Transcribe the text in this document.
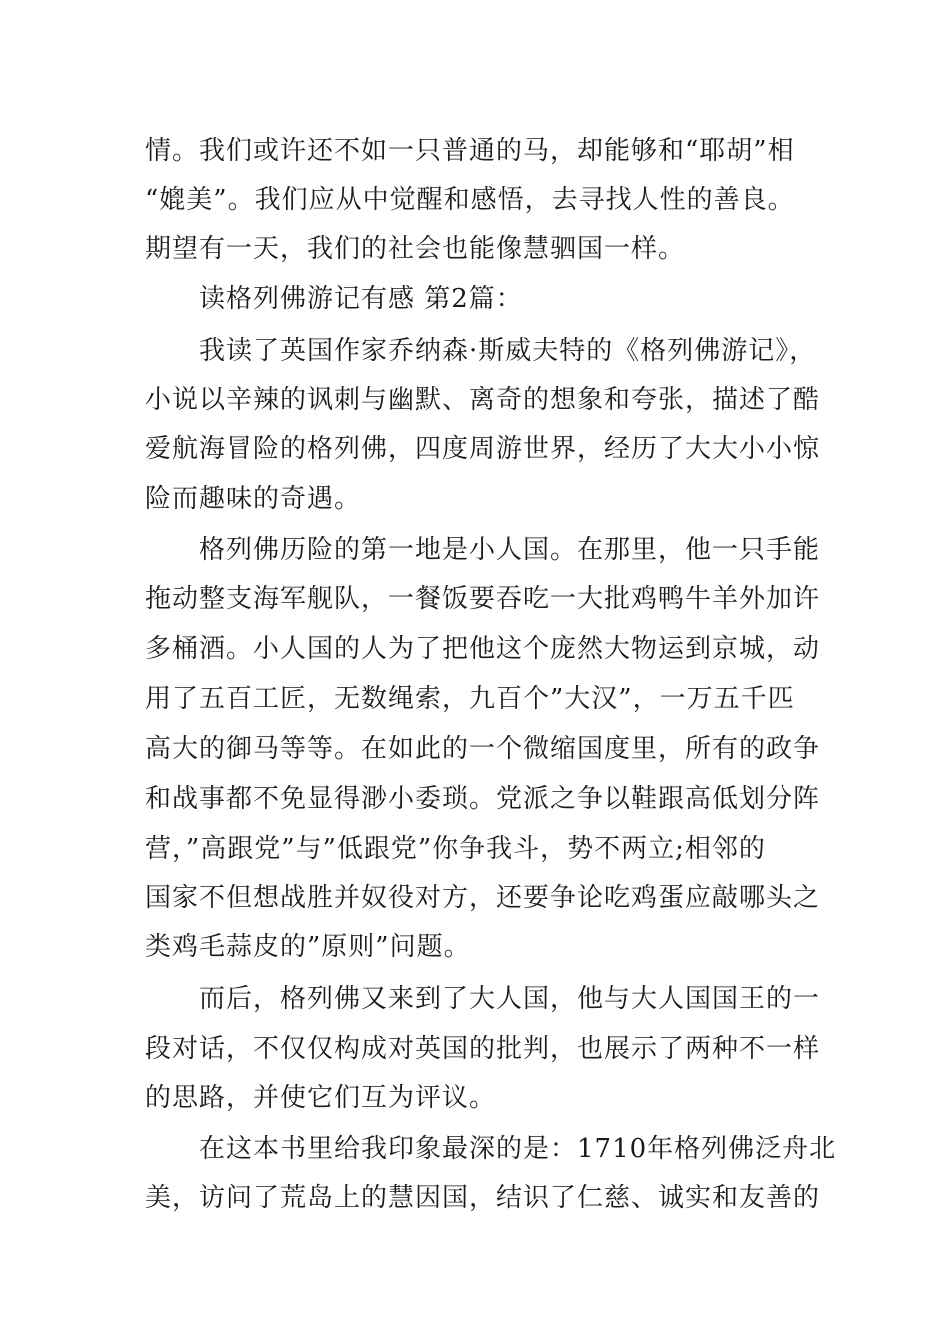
情。我们或许还不如一只普通的马，却能够和“耶胡”相
“媲美”。我们应从中觉醒和感悟，去寻找人性的善良。
期望有一天，我们的社会也能像慧驷国一样。
读格列佛游记有感 第2篇：
我读了英国作家乔纳森·斯威夫特的《格列佛游记》，
小说以辛辣的讽刺与幽默、离奇的想象和夸张，描述了酷
爱航海冒险的格列佛，四度周游世界，经历了大大小小惊
险而趣味的奇遇。
格列佛历险的第一地是小人国。在那里，他一只手能
拖动整支海军舰队，一餐饭要吞吃一大批鸡鸭牛羊外加许
多桶酒。小人国的人为了把他这个庞然大物运到京城，动
用了五百工匠，无数绳索，九百个”大汉”，一万五千匹
高大的御马等等。在如此的一个微缩国度里，所有的政争
和战事都不免显得渺小委琐。党派之争以鞋跟高低划分阵
营，”高跟党”与”低跟党”你争我斗，势不两立;相邻的
国家不但想战胜并奴役对方，还要争论吃鸡蛋应敲哪头之
类鸡毛蒜皮的”原则”问题。
而后，格列佛又来到了大人国，他与大人国国王的一
段对话，不仅仅构成对英国的批判，也展示了两种不一样
的思路，并使它们互为评议。
在这本书里给我印象最深的是：1710年格列佛泛舟北
美，访问了荒岛上的慧因国，结识了仁慈、诚实和友善的
